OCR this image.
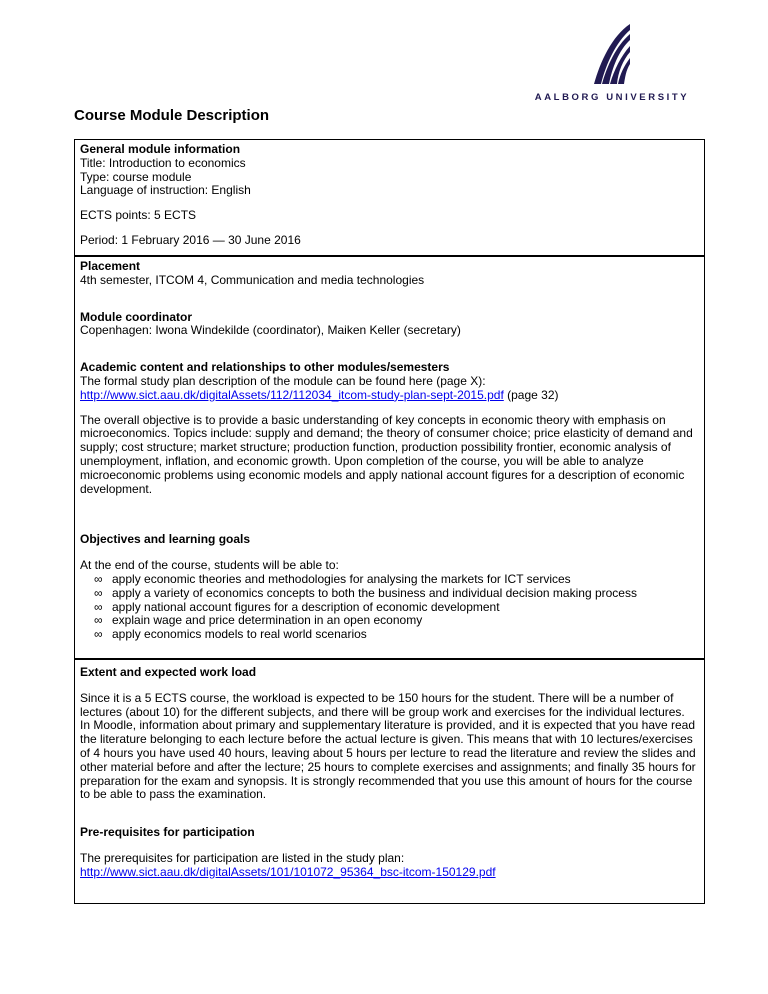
AALBORG UNIVERSITY
Course Module Description
General module information
Title: Introduction to economics
Type: course module
Language of instruction: English
ECTS points: 5 ECTS
Period: 1 February 2016 — 30 June 2016
Placement
4th semester, ITCOM 4, Communication and media technologies
Module coordinator
Copenhagen: Iwona Windekilde (coordinator), Maiken Keller (secretary)
Academic content and relationships to other modules/semesters
The formal study plan description of the module can be found here (page X):
http://www.sict.aau.dk/digitalAssets/112/112034_itcom-study-plan-sept-2015.pdf (page 32)
The overall objective is to provide a basic understanding of key concepts in economic theory with emphasis on microeconomics. Topics include: supply and demand; the theory of consumer choice; price elasticity of demand and supply; cost structure; market structure; production function, production possibility frontier, economic analysis of unemployment, inflation, and economic growth. Upon completion of the course, you will be able to analyze microeconomic problems using economic models and apply national account figures for a description of economic development.
Objectives and learning goals
At the end of the course, students will be able to:
∞ apply economic theories and methodologies for analysing the markets for ICT services
∞ apply a variety of economics concepts to both the business and individual decision making process
∞ apply national account figures for a description of economic development
∞ explain wage and price determination in an open economy
∞ apply economics models to real world scenarios
Extent and expected work load
Since it is a 5 ECTS course, the workload is expected to be 150 hours for the student. There will be a number of lectures (about 10) for the different subjects, and there will be group work and exercises for the individual lectures.
In Moodle, information about primary and supplementary literature is provided, and it is expected that you have read the literature belonging to each lecture before the actual lecture is given. This means that with 10 lectures/exercises of 4 hours you have used 40 hours, leaving about 5 hours per lecture to read the literature and review the slides and other material before and after the lecture; 25 hours to complete exercises and assignments; and finally 35 hours for preparation for the exam and synopsis. It is strongly recommended that you use this amount of hours for the course to be able to pass the examination.
Pre-requisites for participation
The prerequisites for participation are listed in the study plan:
http://www.sict.aau.dk/digitalAssets/101/101072_95364_bsc-itcom-150129.pdf
